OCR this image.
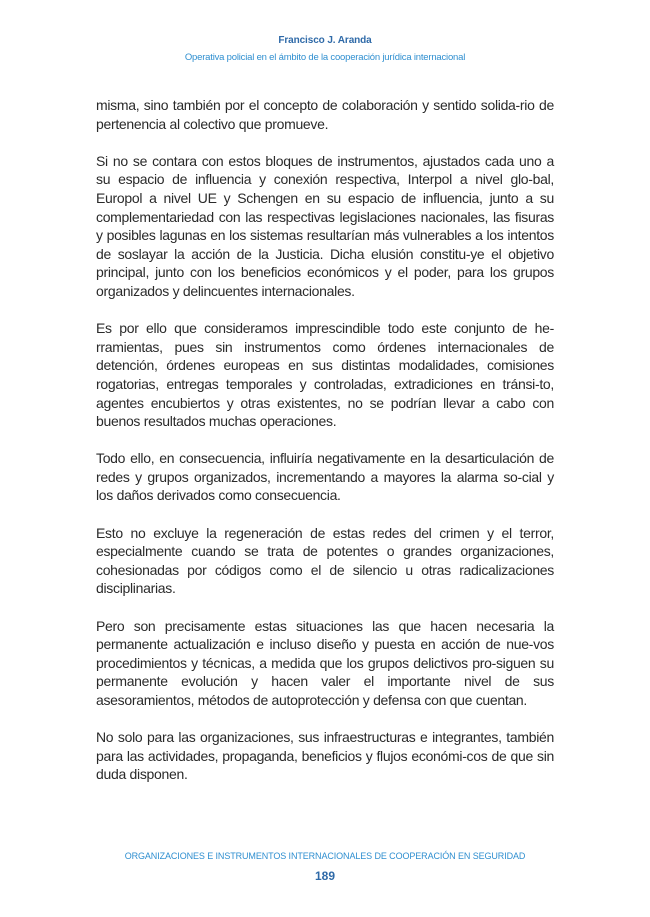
Francisco J. Aranda
Operativa policial en el ámbito de la cooperación jurídica internacional

misma, sino también por el concepto de colaboración y sentido solida-rio de pertenencia al colectivo que promueve.

Si no se contara con estos bloques de instrumentos, ajustados cada uno a su espacio de influencia y conexión respectiva, Interpol a nivel glo-bal, Europol a nivel UE y Schengen en su espacio de influencia, junto a su complementariedad con las respectivas legislaciones nacionales, las fisuras y posibles lagunas en los sistemas resultarían más vulnerables a los intentos de soslayar la acción de la Justicia. Dicha elusión constitu-ye el objetivo principal, junto con los beneficios económicos y el poder, para los grupos organizados y delincuentes internacionales.

Es por ello que consideramos imprescindible todo este conjunto de he-rramientas, pues sin instrumentos como órdenes internacionales de detención, órdenes europeas en sus distintas modalidades, comisiones rogatorias, entregas temporales y controladas, extradiciones en tránsi-to, agentes encubiertos y otras existentes, no se podrían llevar a cabo con buenos resultados muchas operaciones.

Todo ello, en consecuencia, influiría negativamente en la desarticulación de redes y grupos organizados, incrementando a mayores la alarma so-cial y los daños derivados como consecuencia.

Esto no excluye la regeneración de estas redes del crimen y el terror, especialmente cuando se trata de potentes o grandes organizaciones, cohesionadas por códigos como el de silencio u otras radicalizaciones disciplinarias.

Pero son precisamente estas situaciones las que hacen necesaria la permanente actualización e incluso diseño y puesta en acción de nue-vos procedimientos y técnicas, a medida que los grupos delictivos pro-siguen su permanente evolución y hacen valer el importante nivel de sus asesoramientos, métodos de autoprotección y defensa con que cuentan.

No solo para las organizaciones, sus infraestructuras e integrantes, también para las actividades, propaganda, beneficios y flujos económi-cos de que sin duda disponen.

ORGANIZACIONES E INSTRUMENTOS INTERNACIONALES DE COOPERACIÓN EN SEGURIDAD
189
